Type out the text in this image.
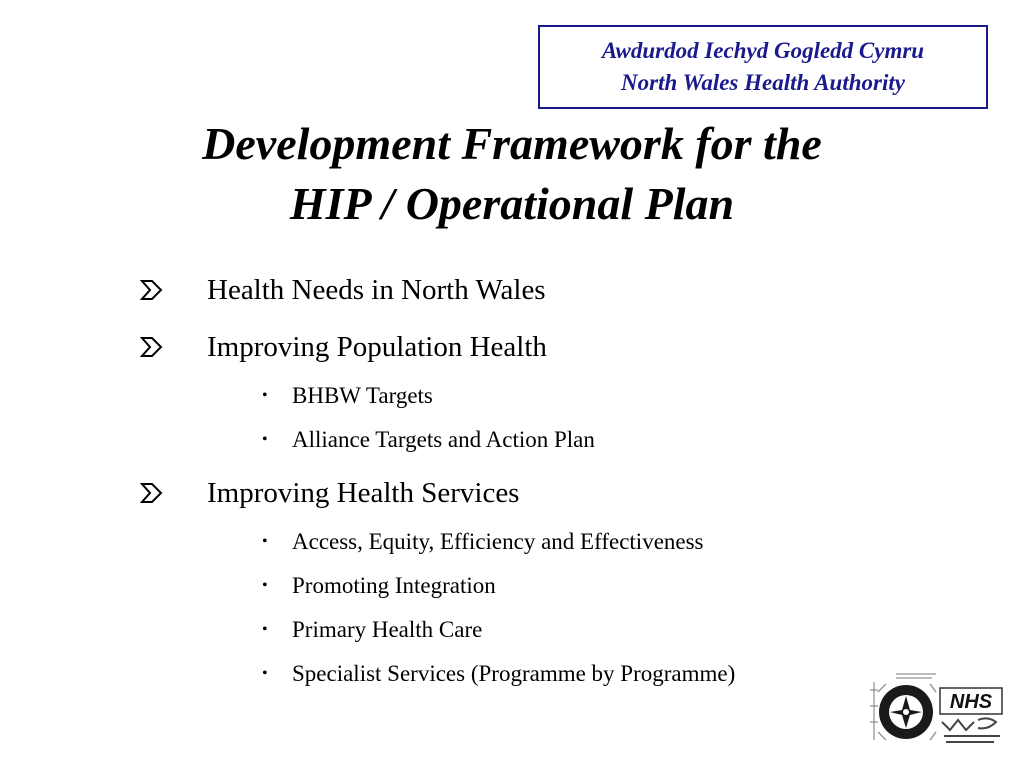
Awdurdod Iechyd Gogledd Cymru
North Wales Health Authority
Development Framework for the
HIP / Operational Plan
Health Needs in North Wales
Improving Population Health
• BHBW Targets
• Alliance Targets and Action Plan
Improving Health Services
• Access, Equity, Efficiency and Effectiveness
• Promoting Integration
• Primary Health Care
• Specialist Services (Programme by Programme)
NHS
